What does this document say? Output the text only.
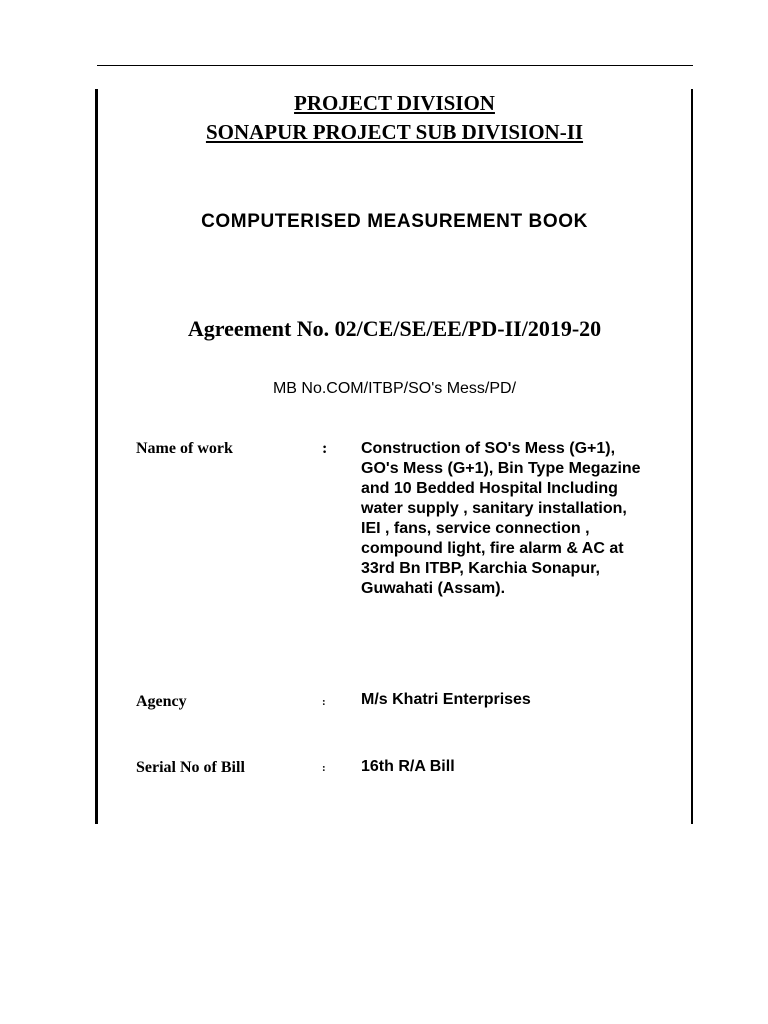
PROJECT DIVISION
SONAPUR PROJECT SUB DIVISION-II
COMPUTERISED MEASUREMENT BOOK
Agreement No. 02/CE/SE/EE/PD-II/2019-20
MB No.COM/ITBP/SO's Mess/PD/
Name of work	: Construction of SO's Mess (G+1),
GO's Mess (G+1), Bin Type Megazine
and 10 Bedded Hospital Including
water supply , sanitary installation,
IEI , fans, service connection ,
compound light, fire alarm & AC at
33rd Bn ITBP, Karchia Sonapur,
Guwahati (Assam).
Agency	: M/s Khatri Enterprises
Serial No of Bill	: 16th R/A Bill
